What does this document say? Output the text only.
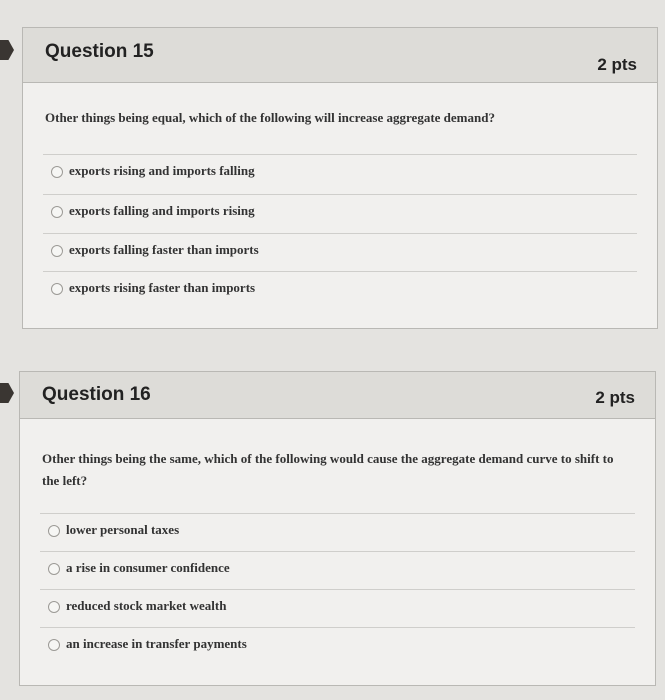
Question 15
2 pts
Other things being equal, which of the following will increase aggregate demand?
exports rising and imports falling
exports falling and imports rising
exports falling faster than imports
exports rising faster than imports
Question 16	2 pts
Other things being the same, which of the following would cause the aggregate demand curve to shift to the left?
lower personal taxes
a rise in consumer confidence
reduced stock market wealth
an increase in transfer payments
